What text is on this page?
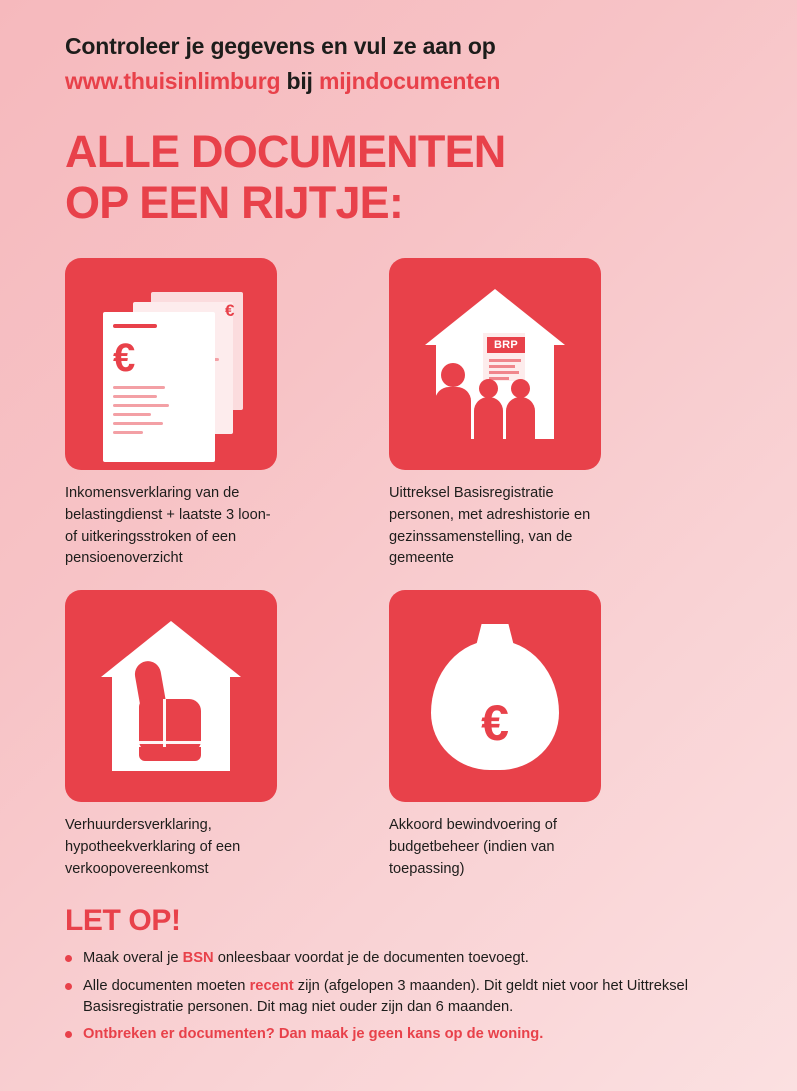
Controleer je gegevens en vul ze aan op
www.thuisinlimburg bij mijndocumenten
ALLE DOCUMENTEN
OP EEN RIJTJE:
€
€
Inkomensverklaring van de belastingdienst + laatste 3 loon- of uitkeringsstroken of een pensioenoverzicht
BRP
Uittreksel Basisregistratie personen, met adreshistorie en gezinssamenstelling, van de gemeente
Verhuurdersverklaring, hypotheekverklaring of een verkoopovereenkomst
€
Akkoord bewindvoering of budgetbeheer (indien van toepassing)
LET OP!
Maak overal je BSN onleesbaar voordat je de documenten toevoegt.
Alle documenten moeten recent zijn (afgelopen 3 maanden). Dit geldt niet voor het Uittreksel Basisregistratie personen. Dit mag niet ouder zijn dan 6 maanden.
Ontbreken er documenten? Dan maak je geen kans op de woning.
